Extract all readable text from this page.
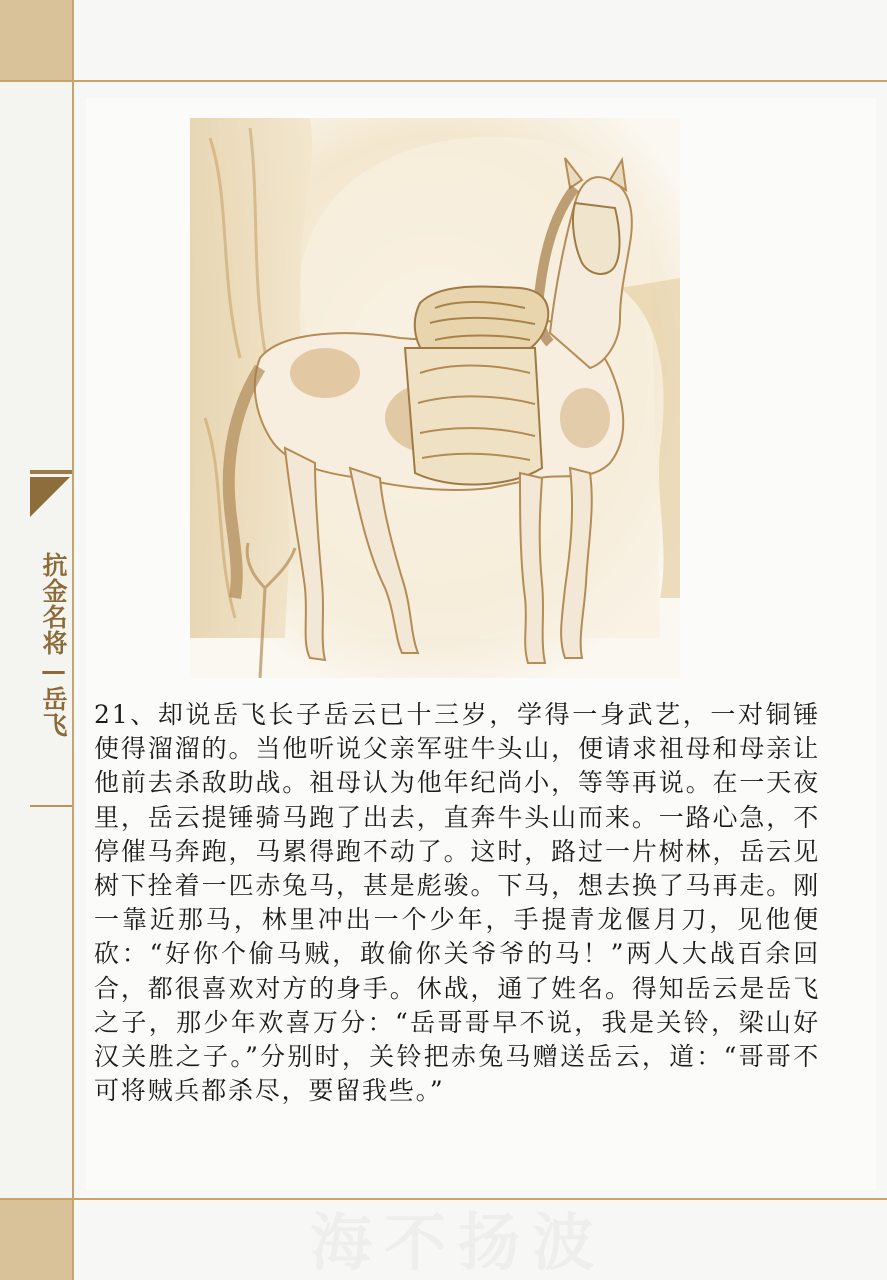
抗金名将—岳飞 21、却说岳飞长子岳云已十三岁，学得一身武艺，一对铜锤使得溜溜的。当他听说父亲军驻牛头山，便请求祖母和母亲让他前去杀敌助战。祖母认为他年纪尚小，等等再说。在一天夜里，岳云提锤骑马跑了出去，直奔牛头山而来。一路心急，不停催马奔跑，马累得跑不动了。这时，路过一片树林，岳云见树下拴着一匹赤兔马，甚是彪骏。下马，想去换了马再走。刚一靠近那马，林里冲出一个少年，手提青龙偃月刀，见他便砍：“好你个偷马贼，敢偷你关爷爷的马！”两人大战百余回合，都很喜欢对方的身手。休战，通了姓名。得知岳云是岳飞之子，那少年欢喜万分：“岳哥哥早不说，我是关铃，梁山好汉关胜之子。”分别时，关铃把赤兔马赠送岳云，道：“哥哥不可将贼兵都杀尽，要留我些。”

海不扬波
